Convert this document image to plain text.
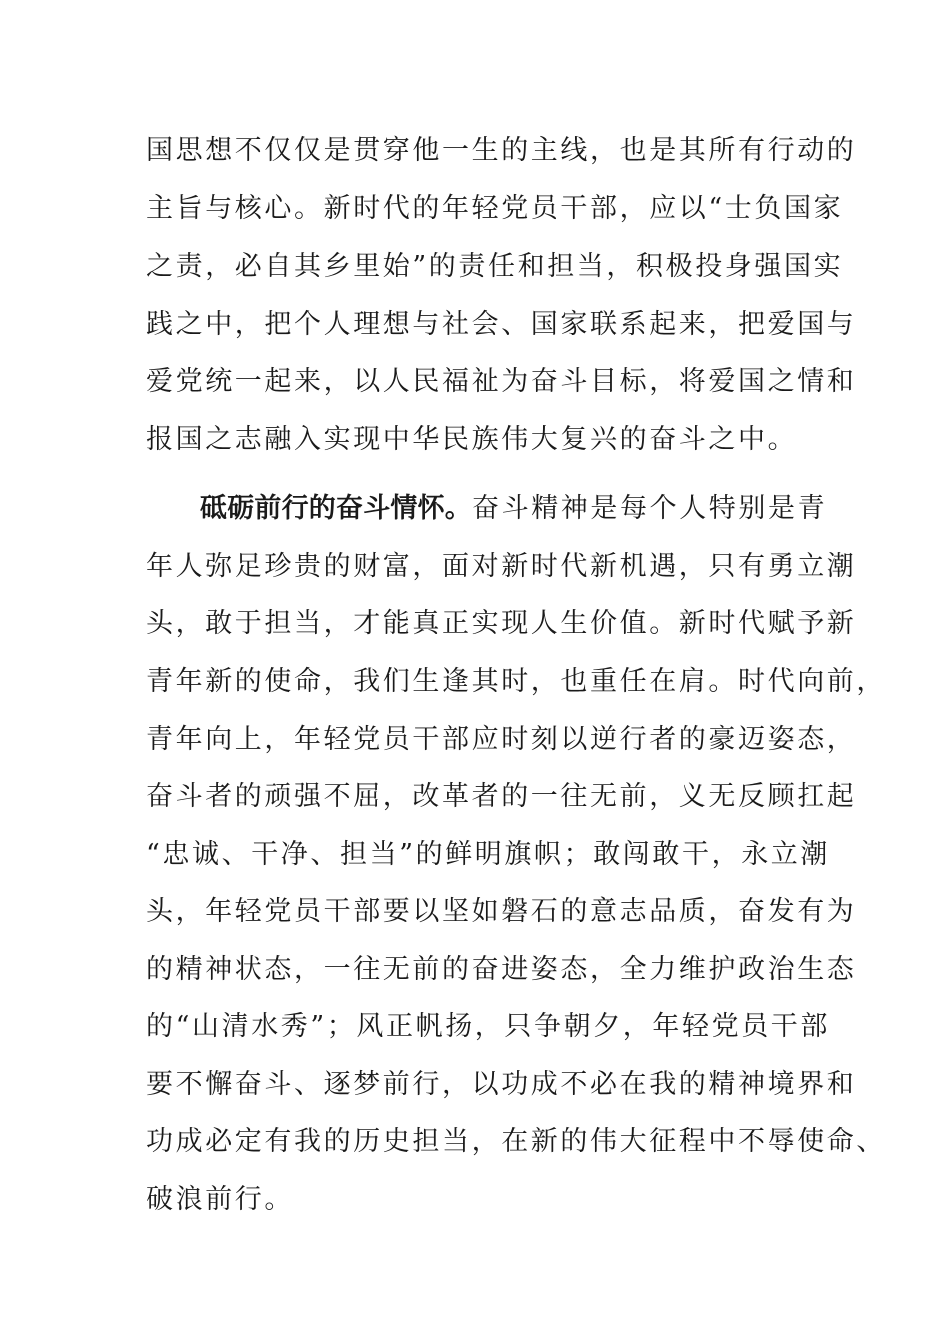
国思想不仅仅是贯穿他一生的主线，也是其所有行动的
主旨与核心。新时代的年轻党员干部，应以“士负国家
之责，必自其乡里始”的责任和担当，积极投身强国实
践之中，把个人理想与社会、国家联系起来，把爱国与
爱党统一起来，以人民福祉为奋斗目标，将爱国之情和
报国之志融入实现中华民族伟大复兴的奋斗之中。
砥砺前行的奋斗情怀。奋斗精神是每个人特别是青
年人弥足珍贵的财富，面对新时代新机遇，只有勇立潮
头，敢于担当，才能真正实现人生价值。新时代赋予新
青年新的使命，我们生逢其时，也重任在肩。时代向前，
青年向上，年轻党员干部应时刻以逆行者的豪迈姿态，
奋斗者的顽强不屈，改革者的一往无前，义无反顾扛起
“忠诚、干净、担当”的鲜明旗帜；敢闯敢干，永立潮
头，年轻党员干部要以坚如磐石的意志品质，奋发有为
的精神状态，一往无前的奋进姿态，全力维护政治生态
的“山清水秀”；风正帆扬，只争朝夕，年轻党员干部
要不懈奋斗、逐梦前行，以功成不必在我的精神境界和
功成必定有我的历史担当，在新的伟大征程中不辱使命、
破浪前行。
